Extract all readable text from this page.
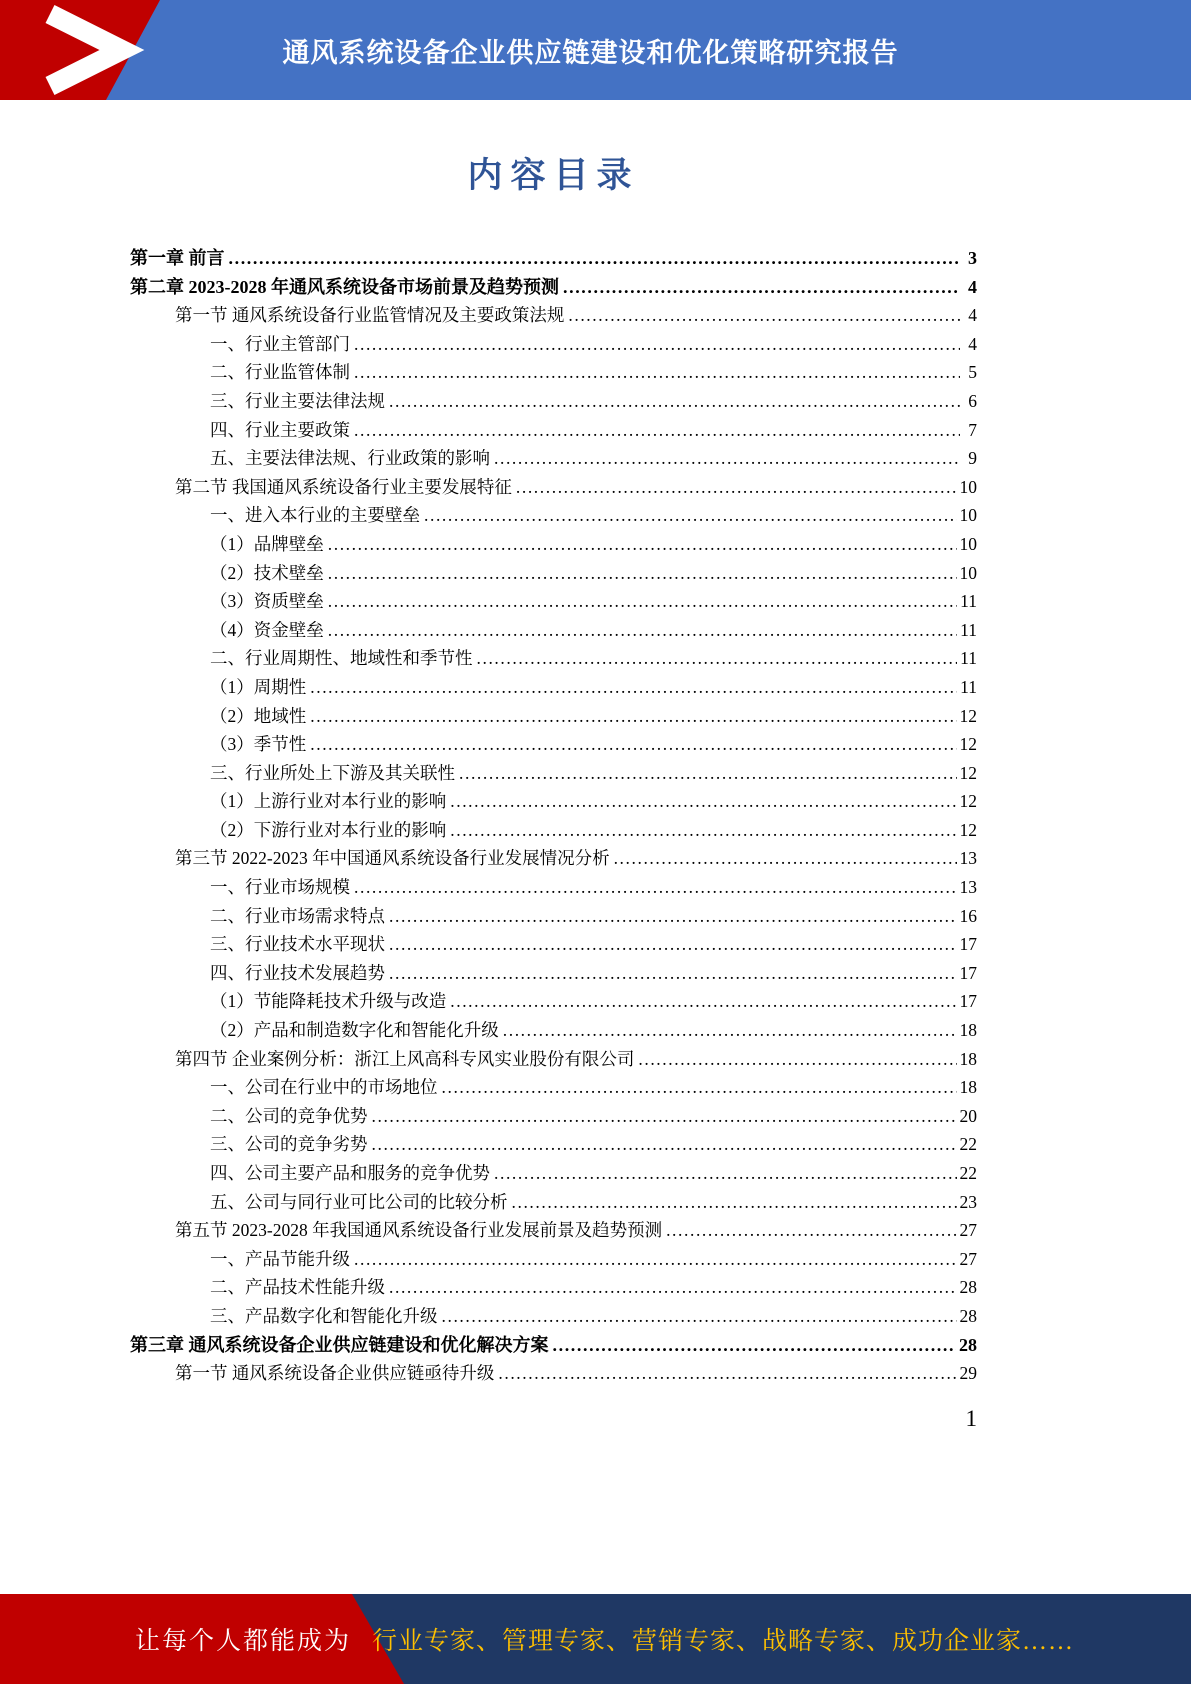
通风系统设备企业供应链建设和优化策略研究报告
内容目录
第一章 前言 .....	3
第二章 2023-2028 年通风系统设备市场前景及趋势预测 .....	4
第一节 通风系统设备行业监管情况及主要政策法规 .....	4
一、行业主管部门 .....	4
二、行业监管体制 .....	5
三、行业主要法律法规 .....	6
四、行业主要政策 .....	7
五、主要法律法规、行业政策的影响 .....	9
第二节 我国通风系统设备行业主要发展特征 .....	10
一、进入本行业的主要壁垒 .....	10
（1）品牌壁垒 .....	10
（2）技术壁垒 .....	10
（3）资质壁垒 .....	11
（4）资金壁垒 .....	11
二、行业周期性、地域性和季节性 .....	11
（1）周期性 .....	11
（2）地域性 .....	12
（3）季节性 .....	12
三、行业所处上下游及其关联性 .....	12
（1）上游行业对本行业的影响 .....	12
（2）下游行业对本行业的影响 .....	12
第三节 2022-2023 年中国通风系统设备行业发展情况分析 .....	13
一、行业市场规模 .....	13
二、行业市场需求特点 .....	16
三、行业技术水平现状 .....	17
四、行业技术发展趋势 .....	17
（1）节能降耗技术升级与改造 .....	17
（2）产品和制造数字化和智能化升级 .....	18
第四节 企业案例分析：浙江上风高科专风实业股份有限公司 .....	18
一、公司在行业中的市场地位 .....	18
二、公司的竞争优势 .....	20
三、公司的竞争劣势 .....	22
四、公司主要产品和服务的竞争优势 .....	22
五、公司与同行业可比公司的比较分析 .....	23
第五节 2023-2028 年我国通风系统设备行业发展前景及趋势预测 .....	27
一、产品节能升级 .....	27
二、产品技术性能升级 .....	28
三、产品数字化和智能化升级 .....	28
第三章 通风系统设备企业供应链建设和优化解决方案 .....	28
第一节 通风系统设备企业供应链亟待升级 .....	29
1
让每个人都能成为 行业专家、管理专家、营销专家、战略专家、成功企业家……
